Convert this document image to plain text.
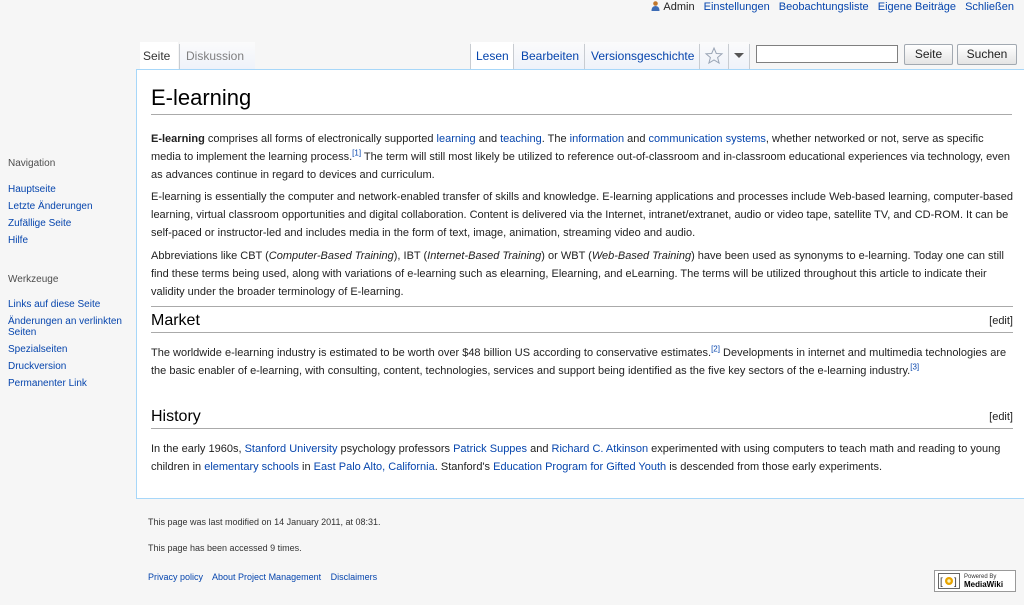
Admin Einstellungen Beobachtungsliste Eigene Beiträge Schließen
Seite	Diskussion	Lesen	Bearbeiten Versionsgeschichte	Seite	Suchen
Navigation
Hauptseite
Letzte Änderungen
Zufällige Seite
Hilfe
Werkzeuge
Links auf diese Seite
Änderungen an verlinkten Seiten
Spezialseiten
Druckversion
Permanenter Link
E-learning

E-learning comprises all forms of electronically supported learning and teaching. The information and communication systems, whether networked or not, serve as specific media to implement the learning process.[1] The term will still most likely be utilized to reference out-of-classroom and in-classroom educational experiences via technology, even as advances continue in regard to devices and curriculum.

E-learning is essentially the computer and network-enabled transfer of skills and knowledge. E-learning applications and processes include Web-based learning, computer-based learning, virtual classroom opportunities and digital collaboration. Content is delivered via the Internet, intranet/extranet, audio or video tape, satellite TV, and CD-ROM. It can be self-paced or instructor-led and includes media in the form of text, image, animation, streaming video and audio.

Abbreviations like CBT (Computer-Based Training), IBT (Internet-Based Training) or WBT (Web-Based Training) have been used as synonyms to e-learning. Today one can still find these terms being used, along with variations of e-learning such as elearning, Elearning, and eLearning. The terms will be utilized throughout this article to indicate their validity under the broader terminology of E-learning.

Market	[edit]

The worldwide e-learning industry is estimated to be worth over $48 billion US according to conservative estimates.[2] Developments in internet and multimedia technologies are the basic enabler of e-learning, with consulting, content, technologies, services and support being identified as the five key sectors of the e-learning industry.[3]

History	[edit]

In the early 1960s, Stanford University psychology professors Patrick Suppes and Richard C. Atkinson experimented with using computers to teach math and reading to young children in elementary schools in East Palo Alto, California. Stanford's Education Program for Gifted Youth is descended from those early experiments.

This page was last modified on 14 January 2011, at 08:31.
This page has been accessed 9 times.
Privacy policy About Project Management Disclaimers	[ ] Powered By
MediaWiki
